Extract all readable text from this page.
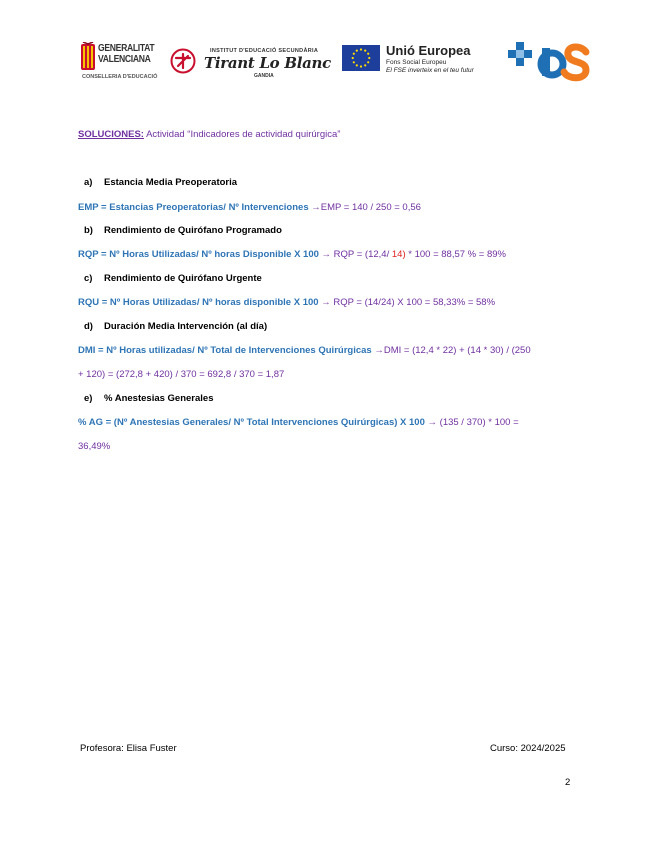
GENERALITAT
VALENCIANA
CONSELLERIA D'EDUCACIÓ
INSTITUT D'EDUCACIÓ SECUNDÀRIA
Tirant Lo Blanc
GANDIA
Unió Europea
Fons Social Europeu
El FSE inverteix en el teu futur
SOLUCIONES: Actividad “Indicadores de actividad quirúrgica”
a) Estancia Media Preoperatoria
EMP = Estancias Preoperatorias/ Nº Intervenciones →EMP = 140 / 250 = 0,56
b) Rendimiento de Quirófano Programado
RQP = Nº Horas Utilizadas/ Nº horas Disponible X 100 → RQP = (12,4/ 14) * 100 = 88,57 % = 89%
c) Rendimiento de Quirófano Urgente
RQU = Nº Horas Utilizadas/ Nº horas disponible X 100 → RQP = (14/24) X 100 = 58,33% = 58%
d) Duración Media Intervención (al día)
DMI = Nº Horas utilizadas/ Nº Total de Intervenciones Quirúrgicas →DMI = (12,4 * 22) + (14 * 30) / (250
+ 120) = (272,8 + 420) / 370 = 692,8 / 370 = 1,87
e) % Anestesias Generales
% AG = (Nº Anestesias Generales/ Nº Total Intervenciones Quirúrgicas) X 100 → (135 / 370) * 100 =
36,49%
Profesora: Elisa Fuster	Curso: 2024/2025
2
